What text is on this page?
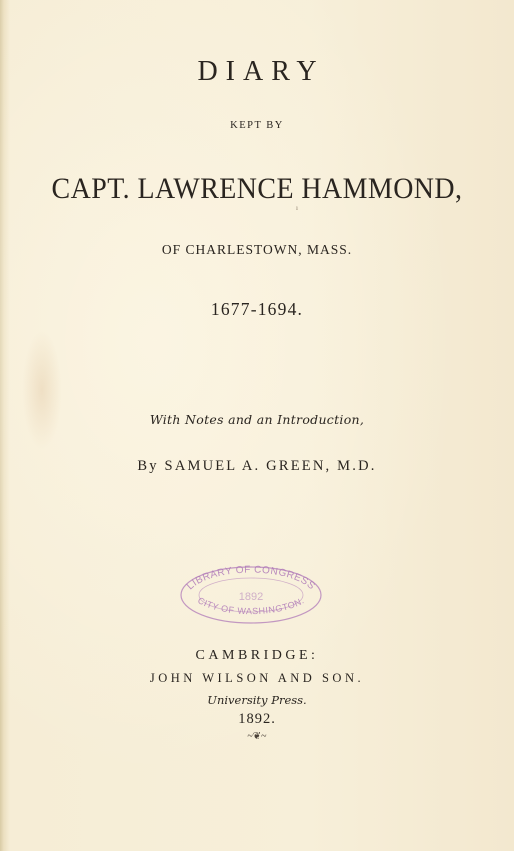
DIARY
KEPT BY
CAPT. LAWRENCE HAMMOND,
ı
OF CHARLESTOWN, MASS.
1677-1694.
With Notes and an Introduction,
By SAMUEL A. GREEN, M.D.
LIBRARY OF CONGRESS
1892
CITY OF WASHINGTON.
CAMBRIDGE:
JOHN WILSON AND SON.
University Press.
1892.
~❦~
